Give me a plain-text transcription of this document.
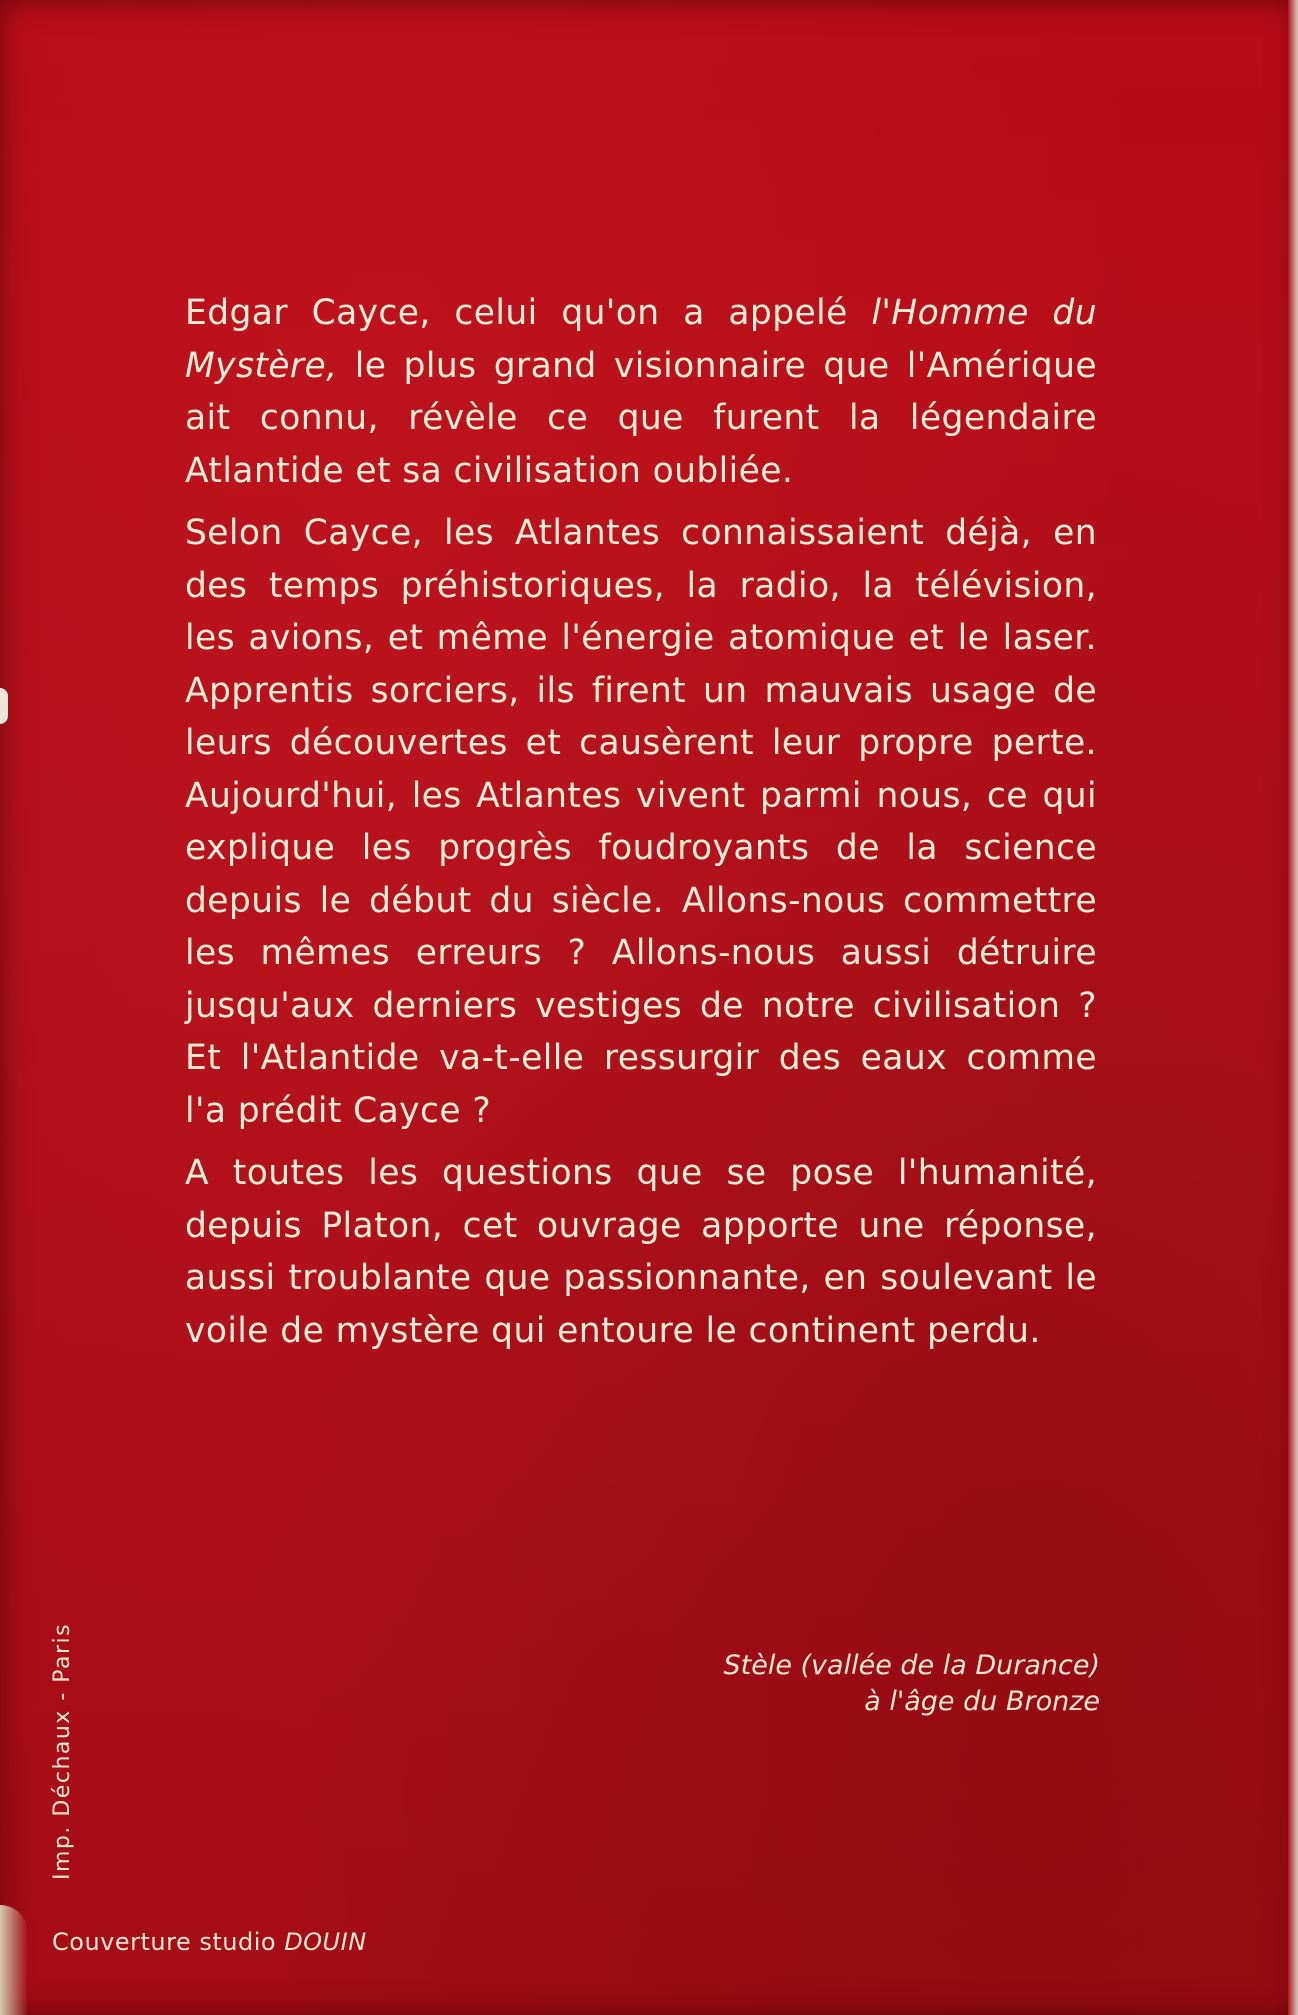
Edgar Cayce, celui qu'on a appelé l'Homme du Mystère, le plus grand visionnaire que l'Amérique ait connu, révèle ce que furent la légendaire Atlantide et sa civilisation oubliée.

Selon Cayce, les Atlantes connaissaient déjà, en des temps préhistoriques, la radio, la télévision, les avions, et même l'énergie atomique et le laser. Apprentis sorciers, ils firent un mauvais usage de leurs découvertes et causèrent leur propre perte. Aujourd'hui, les Atlantes vivent parmi nous, ce qui explique les progrès foudroyants de la science depuis le début du siècle. Allons-nous commettre les mêmes erreurs ? Allons-nous aussi détruire jusqu'aux derniers vestiges de notre civilisation ? Et l'Atlantide va-t-elle ressurgir des eaux comme l'a prédit Cayce ?

A toutes les questions que se pose l'humanité, depuis Platon, cet ouvrage apporte une réponse, aussi troublante que passionnante, en soulevant le voile de mystère qui entoure le continent perdu.

Stèle (vallée de la Durance)
à l'âge du Bronze
Imp. Déchaux - Paris
Couverture studio DOUIN
